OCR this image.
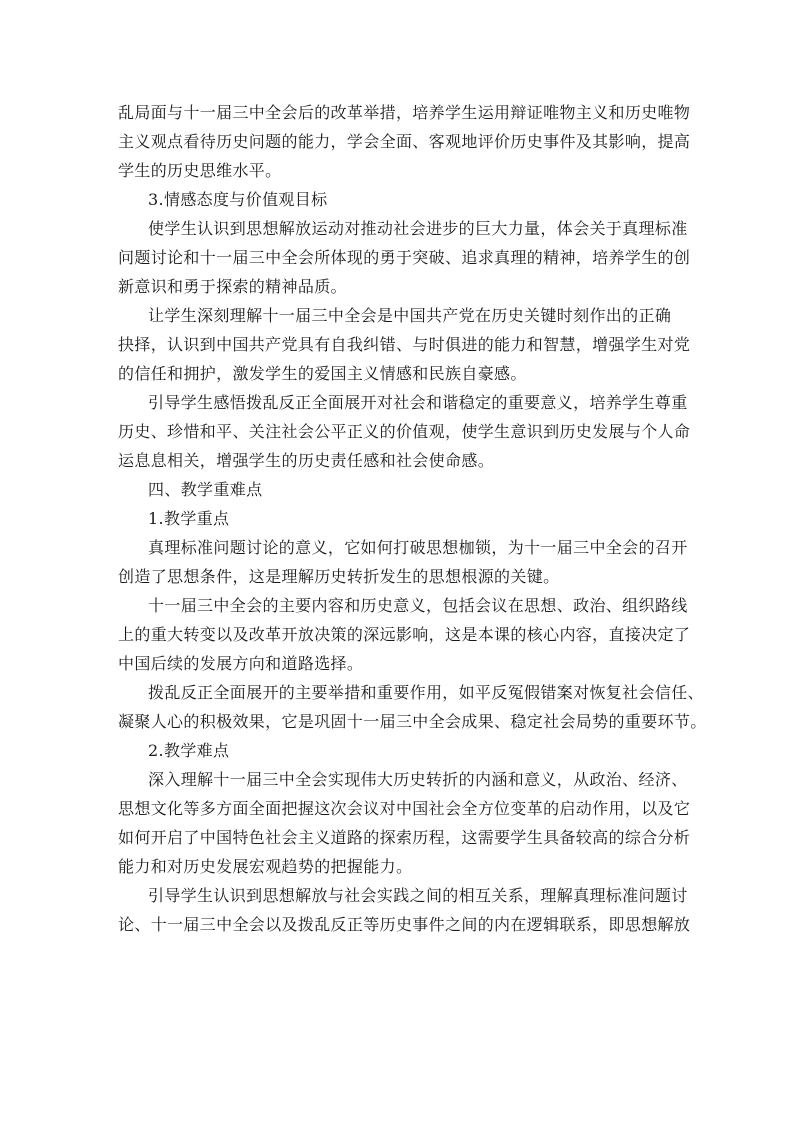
乱局面与十一届三中全会后的改革举措，培养学生运用辩证唯物主义和历史唯物
主义观点看待历史问题的能力，学会全面、客观地评价历史事件及其影响，提高
学生的历史思维水平。
3.情感态度与价值观目标
使学生认识到思想解放运动对推动社会进步的巨大力量，体会关于真理标准
问题讨论和十一届三中全会所体现的勇于突破、追求真理的精神，培养学生的创
新意识和勇于探索的精神品质。
让学生深刻理解十一届三中全会是中国共产党在历史关键时刻作出的正确
抉择，认识到中国共产党具有自我纠错、与时俱进的能力和智慧，增强学生对党
的信任和拥护，激发学生的爱国主义情感和民族自豪感。
引导学生感悟拨乱反正全面展开对社会和谐稳定的重要意义，培养学生尊重
历史、珍惜和平、关注社会公平正义的价值观，使学生意识到历史发展与个人命
运息息相关，增强学生的历史责任感和社会使命感。
四、教学重难点
1.教学重点
真理标准问题讨论的意义，它如何打破思想枷锁，为十一届三中全会的召开
创造了思想条件，这是理解历史转折发生的思想根源的关键。
十一届三中全会的主要内容和历史意义，包括会议在思想、政治、组织路线
上的重大转变以及改革开放决策的深远影响，这是本课的核心内容，直接决定了
中国后续的发展方向和道路选择。
拨乱反正全面展开的主要举措和重要作用，如平反冤假错案对恢复社会信任、
凝聚人心的积极效果，它是巩固十一届三中全会成果、稳定社会局势的重要环节。
2.教学难点
深入理解十一届三中全会实现伟大历史转折的内涵和意义，从政治、经济、
思想文化等多方面全面把握这次会议对中国社会全方位变革的启动作用，以及它
如何开启了中国特色社会主义道路的探索历程，这需要学生具备较高的综合分析
能力和对历史发展宏观趋势的把握能力。
引导学生认识到思想解放与社会实践之间的相互关系，理解真理标准问题讨
论、十一届三中全会以及拨乱反正等历史事件之间的内在逻辑联系，即思想解放
